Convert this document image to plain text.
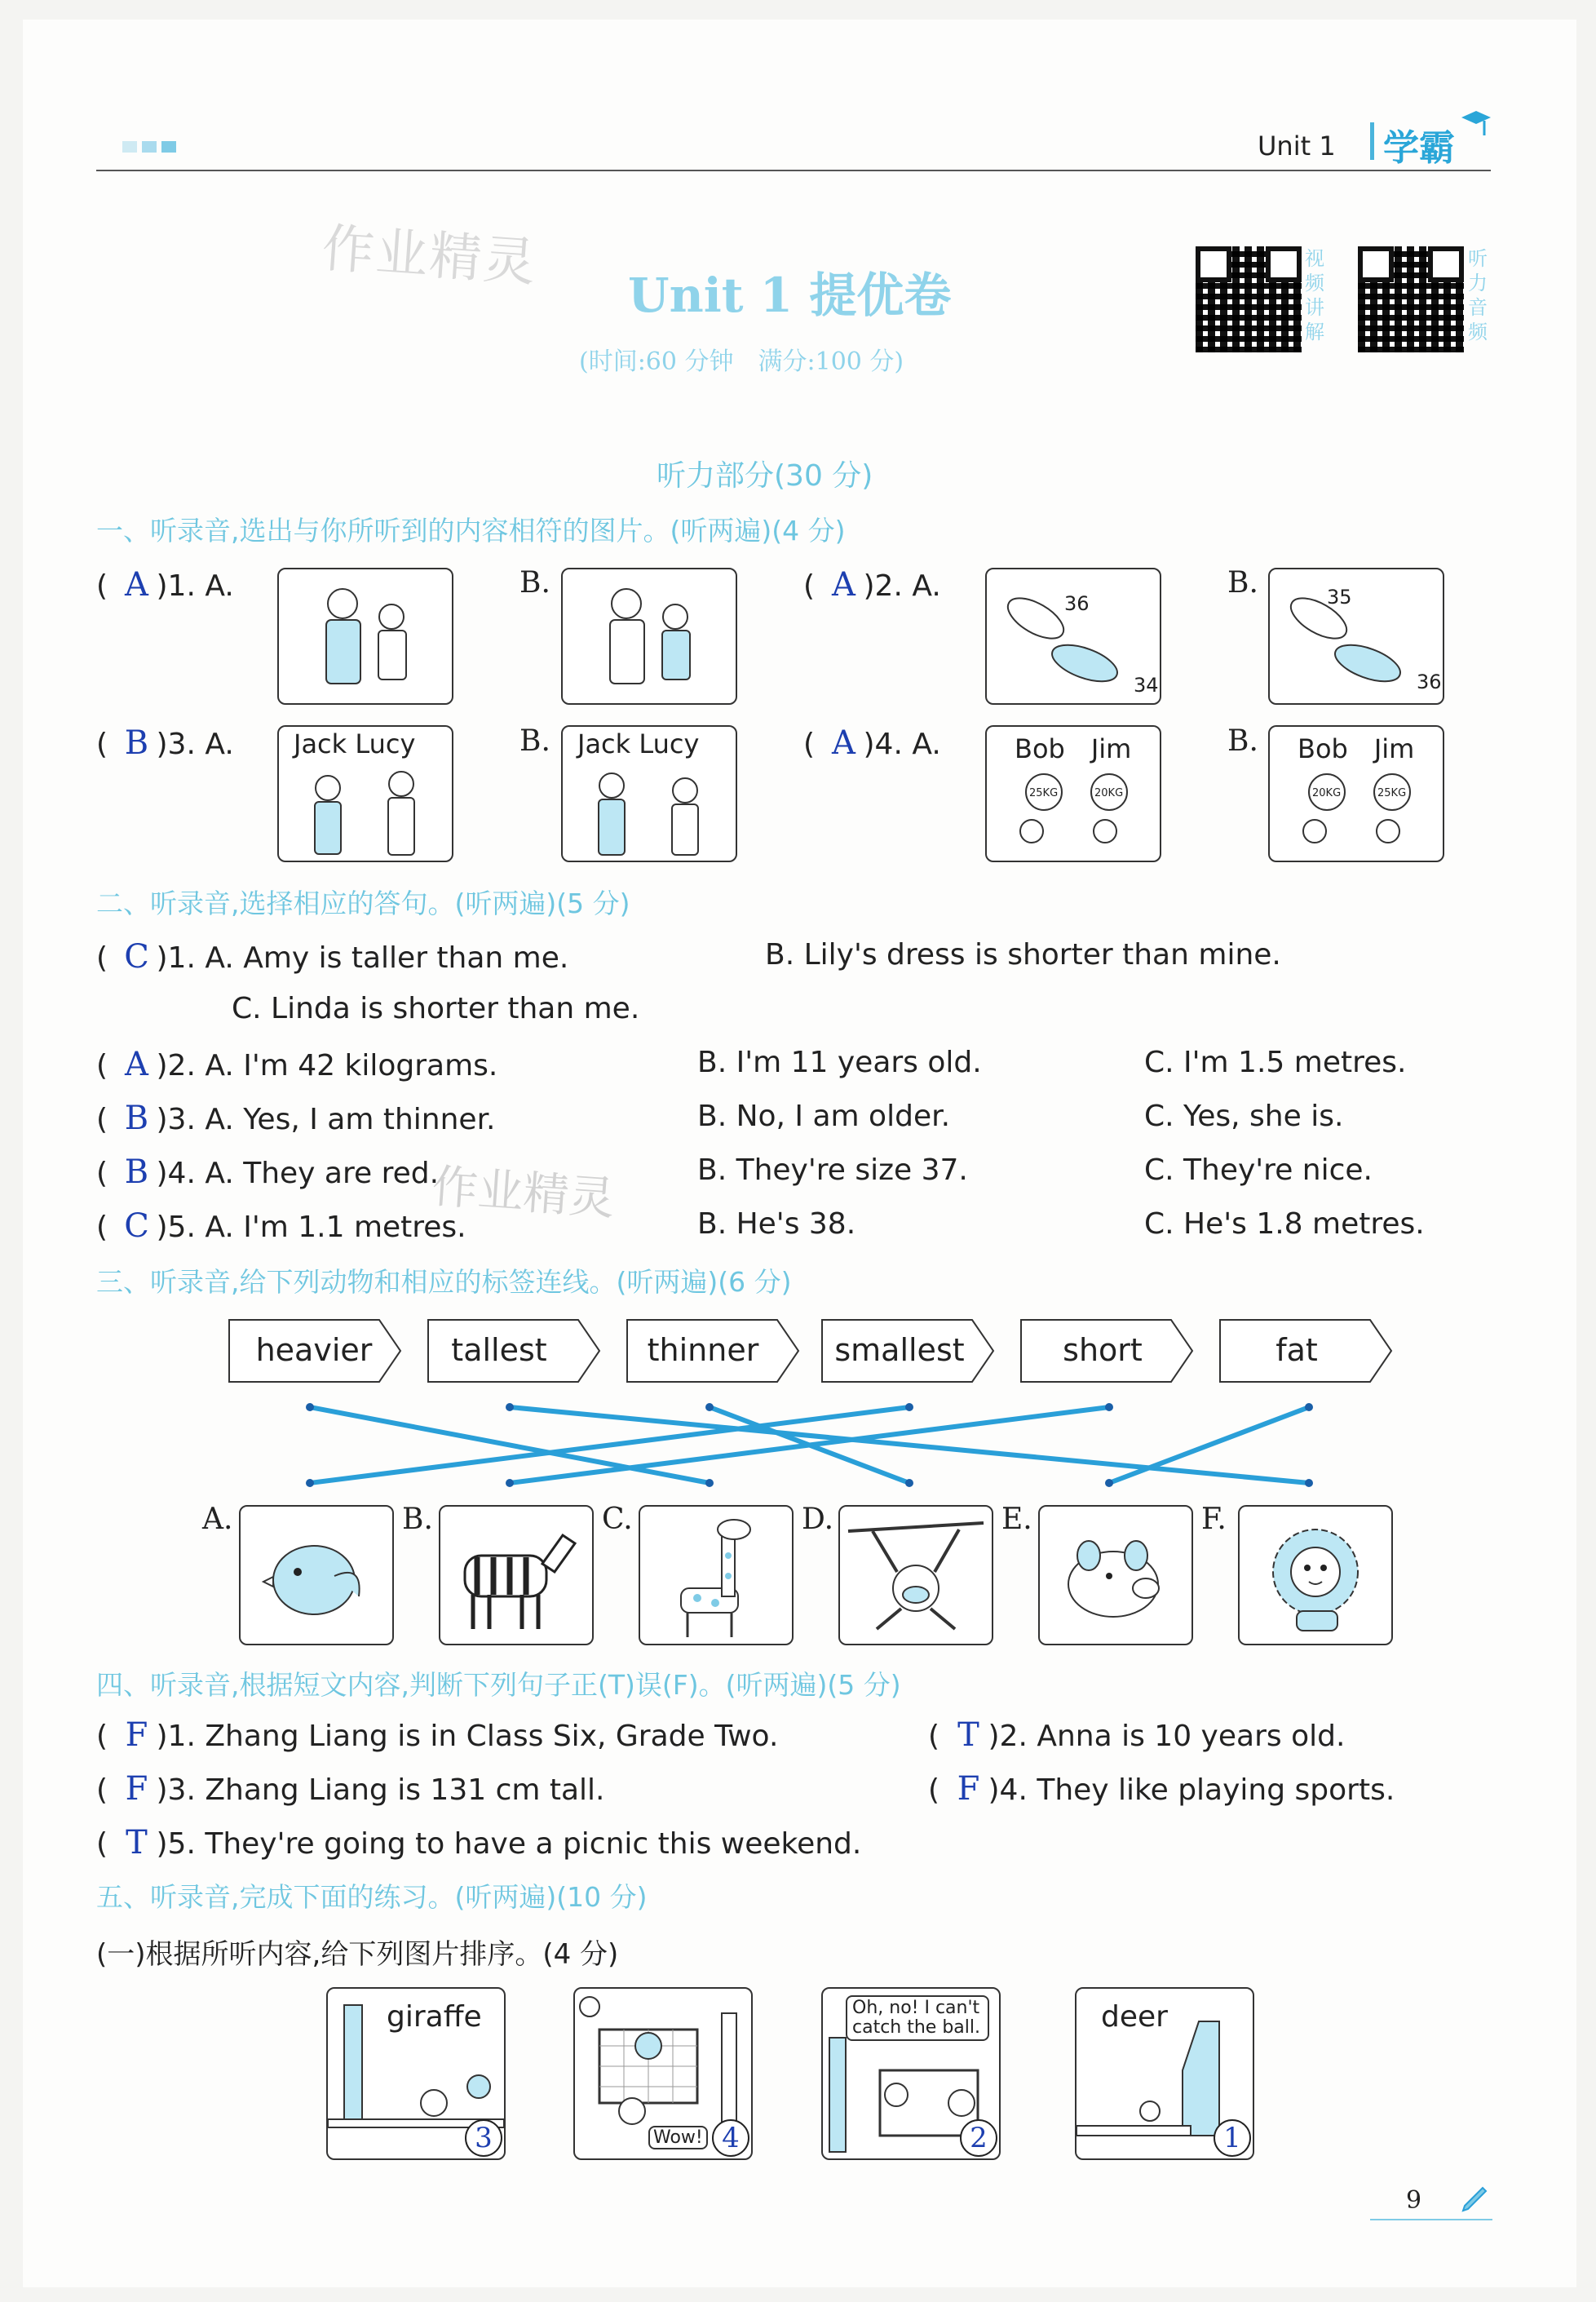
Unit 1 学霸
作业精灵
Unit 1 提优卷
(时间:60 分钟　满分:100 分)
视频讲解
听力音频
听力部分(30 分)
一、听录音,选出与你所听到的内容相符的图片。(听两遍)(4 分)
( A )1. A.	B.	( A )2. A.
36
34
B.	35
36
( B )3. A. Jack Lucy	B. Jack Lucy	( A )4. A.	Bob　Jim
25KG	20KG
B. Bob　Jim
20KG	25KG
二、听录音,选择相应的答句。(听两遍)(5 分)
( C )1. A. Amy is taller than me.	B. Lily's dress is shorter than mine.
C. Linda is shorter than me.
( A )2. A. I'm 42 kilograms.	B. I'm 11 years old.	C. I'm 1.5 metres.
( B )3. A. Yes, I am thinner.	B. No, I am older.	C. Yes, she is.
( B )4. A. They are red.	B. They're size 37.	C. They're nice.
( C )5. A. I'm 1.1 metres.	B. He's 38.	C. He's 1.8 metres.
作业精灵
三、听录音,给下列动物和相应的标签连线。(听两遍)(6 分)
heavier	tallest	thinner smallest	short	fat
A.	B.	C.	D.	E.	F.
四、听录音,根据短文内容,判断下列句子正(T)误(F)。(听两遍)(5 分)
( F )1. Zhang Liang is in Class Six, Grade Two.	( T )2. Anna is 10 years old.
( F )3. Zhang Liang is 131 cm tall.	( F )4. They like playing sports.
( T )5. They're going to have a picnic this weekend.
五、听录音,完成下面的练习。(听两遍)(10 分)
(一)根据所听内容,给下列图片排序。(4 分)
giraffe
3	Wow! 4
Oh, no! I can't catch the ball.
2
deer
1
9
